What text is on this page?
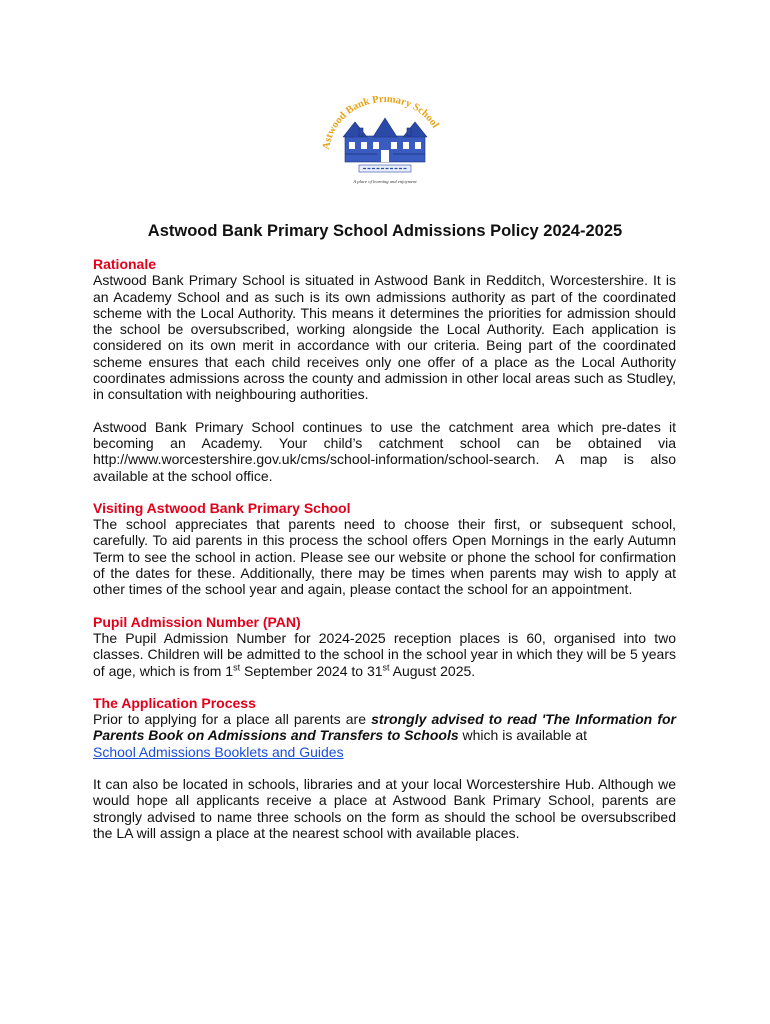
Astwood Bank Primary School
A place of learning and enjoyment
Astwood Bank Primary School Admissions Policy 2024-2025
Rationale

Astwood Bank Primary School is situated in Astwood Bank in Redditch, Worcestershire. It is an Academy School and as such is its own admissions authority as part of the coordinated scheme with the Local Authority. This means it determines the priorities for admission should the school be oversubscribed, working alongside the Local Authority. Each application is considered on its own merit in accordance with our criteria. Being part of the coordinated scheme ensures that each child receives only one offer of a place as the Local Authority coordinates admissions across the county and admission in other local areas such as Studley, in consultation with neighbouring authorities.

Astwood Bank Primary School continues to use the catchment area which pre-dates it becoming an Academy. Your child’s catchment school can be obtained via http://www.worcestershire.gov.uk/cms/school-information/school-search. A map is also available at the school office.

Visiting Astwood Bank Primary School

The school appreciates that parents need to choose their first, or subsequent school, carefully. To aid parents in this process the school offers Open Mornings in the early Autumn Term to see the school in action. Please see our website or phone the school for confirmation of the dates for these. Additionally, there may be times when parents may wish to apply at other times of the school year and again, please contact the school for an appointment.

Pupil Admission Number (PAN)

The Pupil Admission Number for 2024-2025 reception places is 60, organised into two classes. Children will be admitted to the school in the school year in which they will be 5 years of age, which is from 1st September 2024 to 31st August 2025.

The Application Process

Prior to applying for a place all parents are strongly advised to read 'The Information for Parents Book on Admissions and Transfers to Schools which is available at
School Admissions Booklets and Guides

It can also be located in schools, libraries and at your local Worcestershire Hub. Although we would hope all applicants receive a place at Astwood Bank Primary School, parents are strongly advised to name three schools on the form as should the school be oversubscribed the LA will assign a place at the nearest school with available places.
